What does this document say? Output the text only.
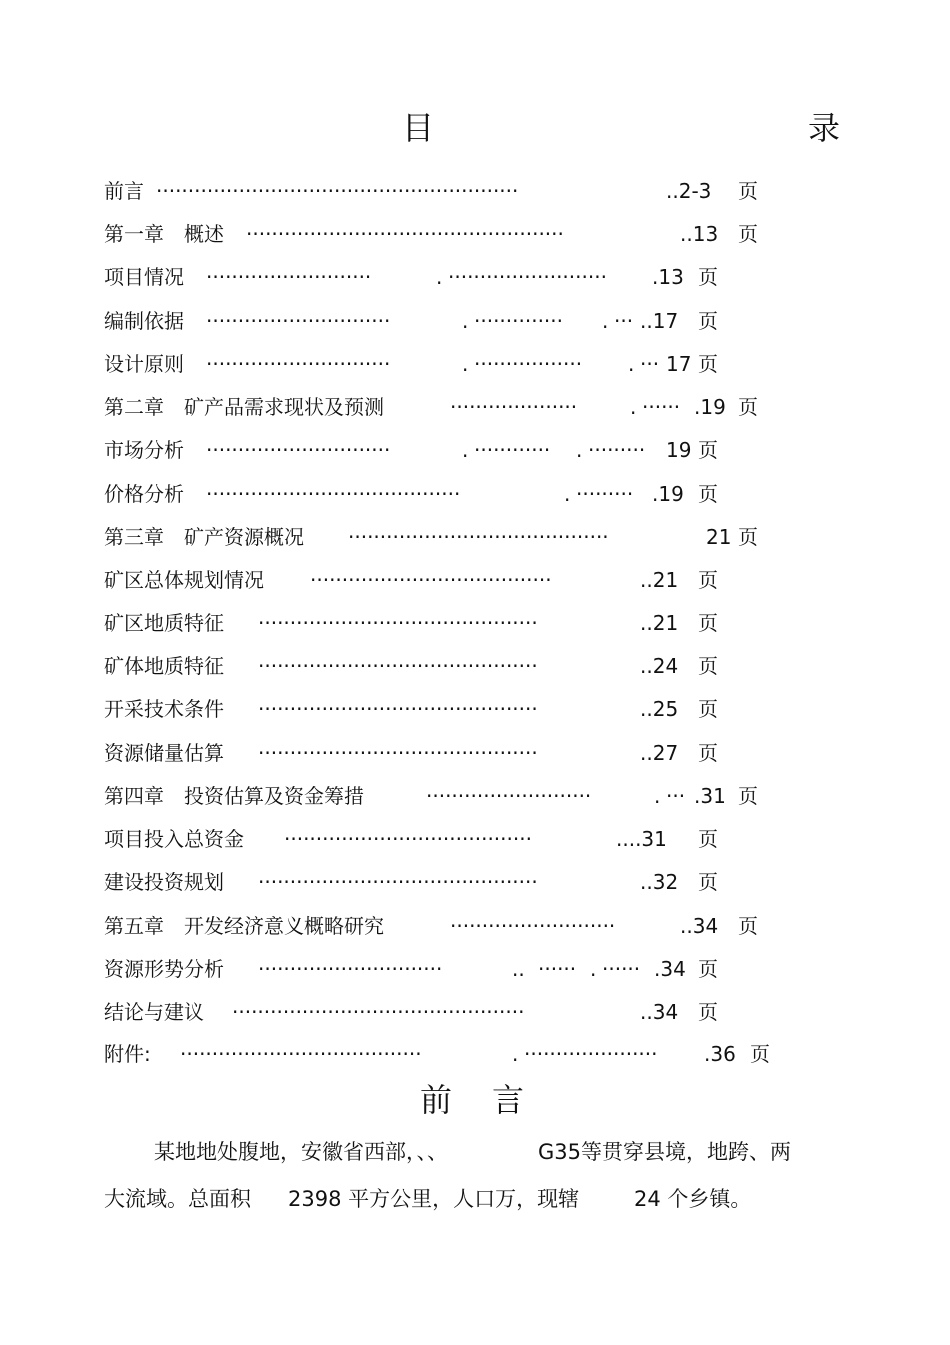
目	录
前言 ·························································	..2-3 页
第一章　概述 ··················································	..13 页
项目情况 ··························	. ························· .13 页
编制依据 ·····························	. ·············· . ··· ..17 页
设计原则 ·····························	. ················· . ··· 17 页
第二章　矿产品需求现状及预测	····················	. ······ .19 页
市场分析 ·····························	. ············ . ········· 19 页
价格分析 ········································	. ········· .19 页
第三章　矿产资源概况 ·········································	21 页
矿区总体规划情况 ······································	..21 页
矿区地质特征 ············································	..21 页
矿体地质特征 ············································	..24 页
开采技术条件 ············································	..25 页
资源储量估算 ············································	..27 页
第四章　投资估算及资金筹措	··························	. ··· .31 页
项目投入总资金 ·······································	....31 页
建设投资规划 ············································	..32 页
第五章　开发经济意义概略研究	··························	..34 页
资源形势分析 ·····························	.. ······ . ······ .34 页
结论与建议 ··············································	..34 页
附件: ······································	. ····················· .36 页
前 言
某地地处腹地，安徽省西部，、、	G35等贯穿县境，地跨、两
大流域。总面积 2398 平方公里，人口万，现辖	24 个乡镇。
